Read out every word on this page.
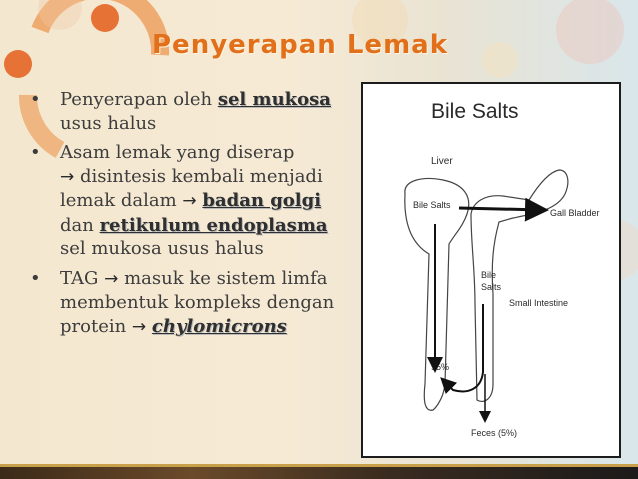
Penyerapan Lemak
• Penyerapan oleh sel mukosa usus halus
• Asam lemak yang diserap
→ disintesis kembali menjadi lemak dalam → badan golgi dan retikulum endoplasma sel mukosa usus halus
• TAG → masuk ke sistem limfa membentuk kompleks dengan protein → chylomicrons
Bile Salts
Liver
Bile Salts
Gall Bladder
Bile
Salts
Small Intestine
95%
Feces (5%)
